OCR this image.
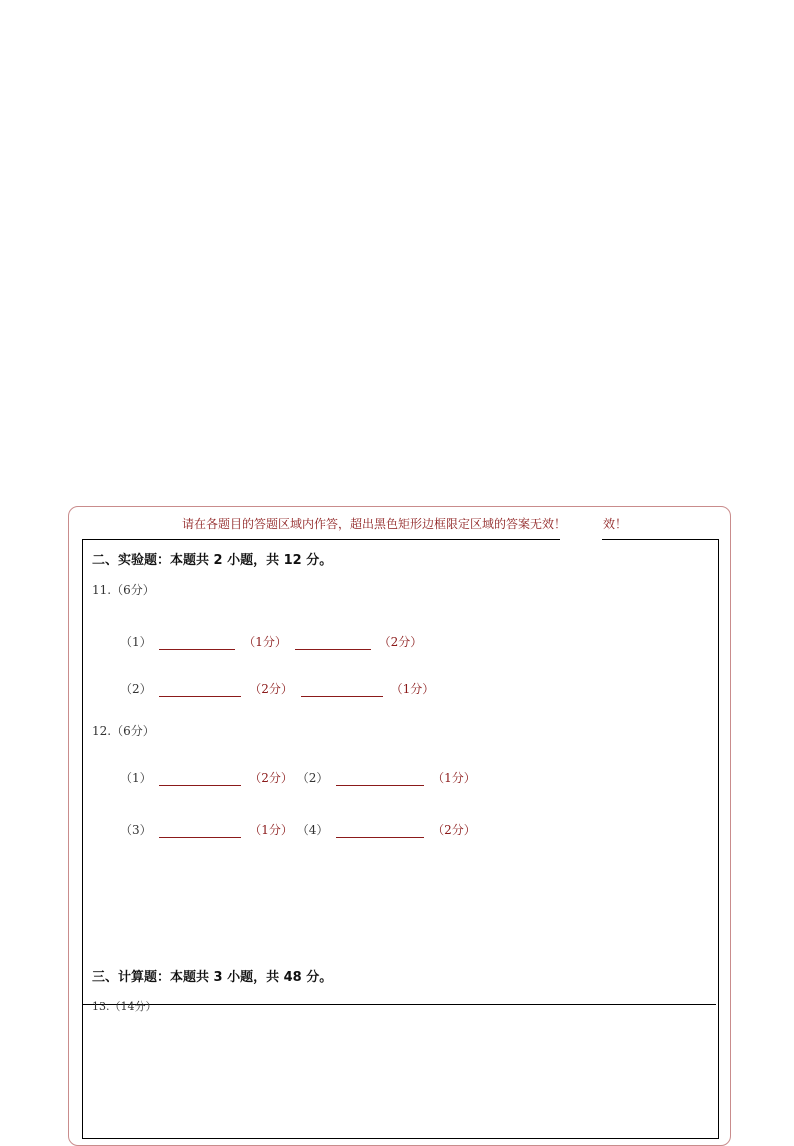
请在各题目的答题区域内作答，超出黑色矩形边框限定区域的答案无效！	效！
二、实验题：本题共 2 小题，共 12 分。
11.（6分）
（1）	（1分）	（2分）
（2）	（2分）	（1分）
12.（6分）
（1）	（2分） （2）	（1分）
（3）	（1分） （4）	（2分）
三、计算题：本题共 3 小题，共 48 分。
13.（14分）
